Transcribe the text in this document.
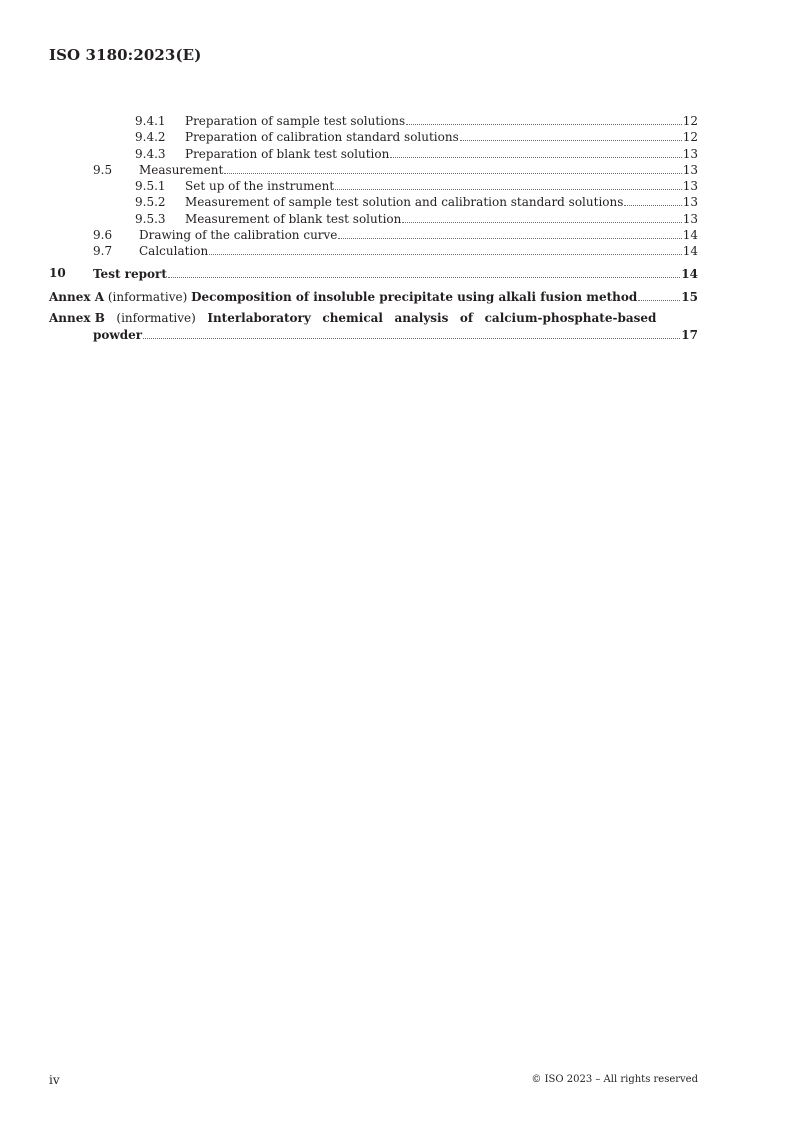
ISO 3180:2023(E)
9.4.1 Preparation of sample test solutions	12
9.4.2 Preparation of calibration standard solutions	12
9.4.3 Preparation of blank test solution	13
9.5 Measurement	13
9.5.1 Set up of the instrument	13
9.5.2 Measurement of sample test solution and calibration standard solutions	13
9.5.3 Measurement of blank test solution	13
9.6 Drawing of the calibration curve	14
9.7 Calculation	14
10 Test report	14
Annex A (informative) Decomposition of insoluble precipitate using alkali fusion method	15
Annex B (informative) Interlaboratory chemical analysis of calcium-phosphate-based
powder	17
iv	© ISO 2023 – All rights reserved
